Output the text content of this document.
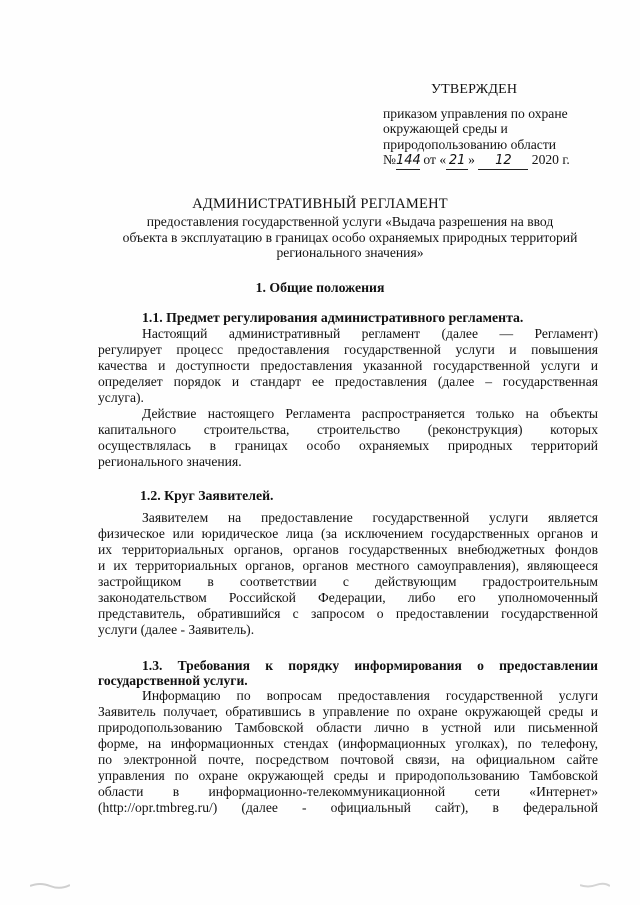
УТВЕРЖДЕН
приказом управления по охране
окружающей среды и
природопользованию области
№144 от « 21 » 12 2020 г.
АДМИНИСТРАТИВНЫЙ РЕГЛАМЕНТ
предоставления государственной услуги «Выдача разрешения на ввод
объекта в эксплуатацию в границах особо охраняемых природных территорий
регионального значения»
1. Общие положения
1.1. Предмет регулирования административного регламента.
Настоящий административный регламент (далее — Регламент)
регулирует процесс предоставления государственной услуги и повышения
качества и доступности предоставления указанной государственной услуги и
определяет порядок и стандарт ее предоставления (далее – государственная
услуга).
Действие настоящего Регламента распространяется только на объекты
капитального строительства, строительство (реконструкция) которых
осуществлялась в границах особо охраняемых природных территорий
регионального значения.
1.2. Круг Заявителей.
Заявителем на предоставление государственной услуги является
физическое или юридическое лица (за исключением государственных органов и
их территориальных органов, органов государственных внебюджетных фондов
и их территориальных органов, органов местного самоуправления), являющееся
застройщиком в соответствии с действующим градостроительным
законодательством Российской Федерации, либо его уполномоченный
представитель, обратившийся с запросом о предоставлении государственной
услуги (далее - Заявитель).
1.3. Требования к порядку информирования о предоставлении
государственной услуги.
Информацию по вопросам предоставления государственной услуги
Заявитель получает, обратившись в управление по охране окружающей среды и
природопользованию Тамбовской области лично в устной или письменной
форме, на информационных стендах (информационных уголках), по телефону,
по электронной почте, посредством почтовой связи, на официальном сайте
управления по охране окружающей среды и природопользованию Тамбовской
области в информационно-телекоммуникационной сети «Интернет»
(http://opr.tmbreg.ru/) (далее - официальный сайт), в федеральной
